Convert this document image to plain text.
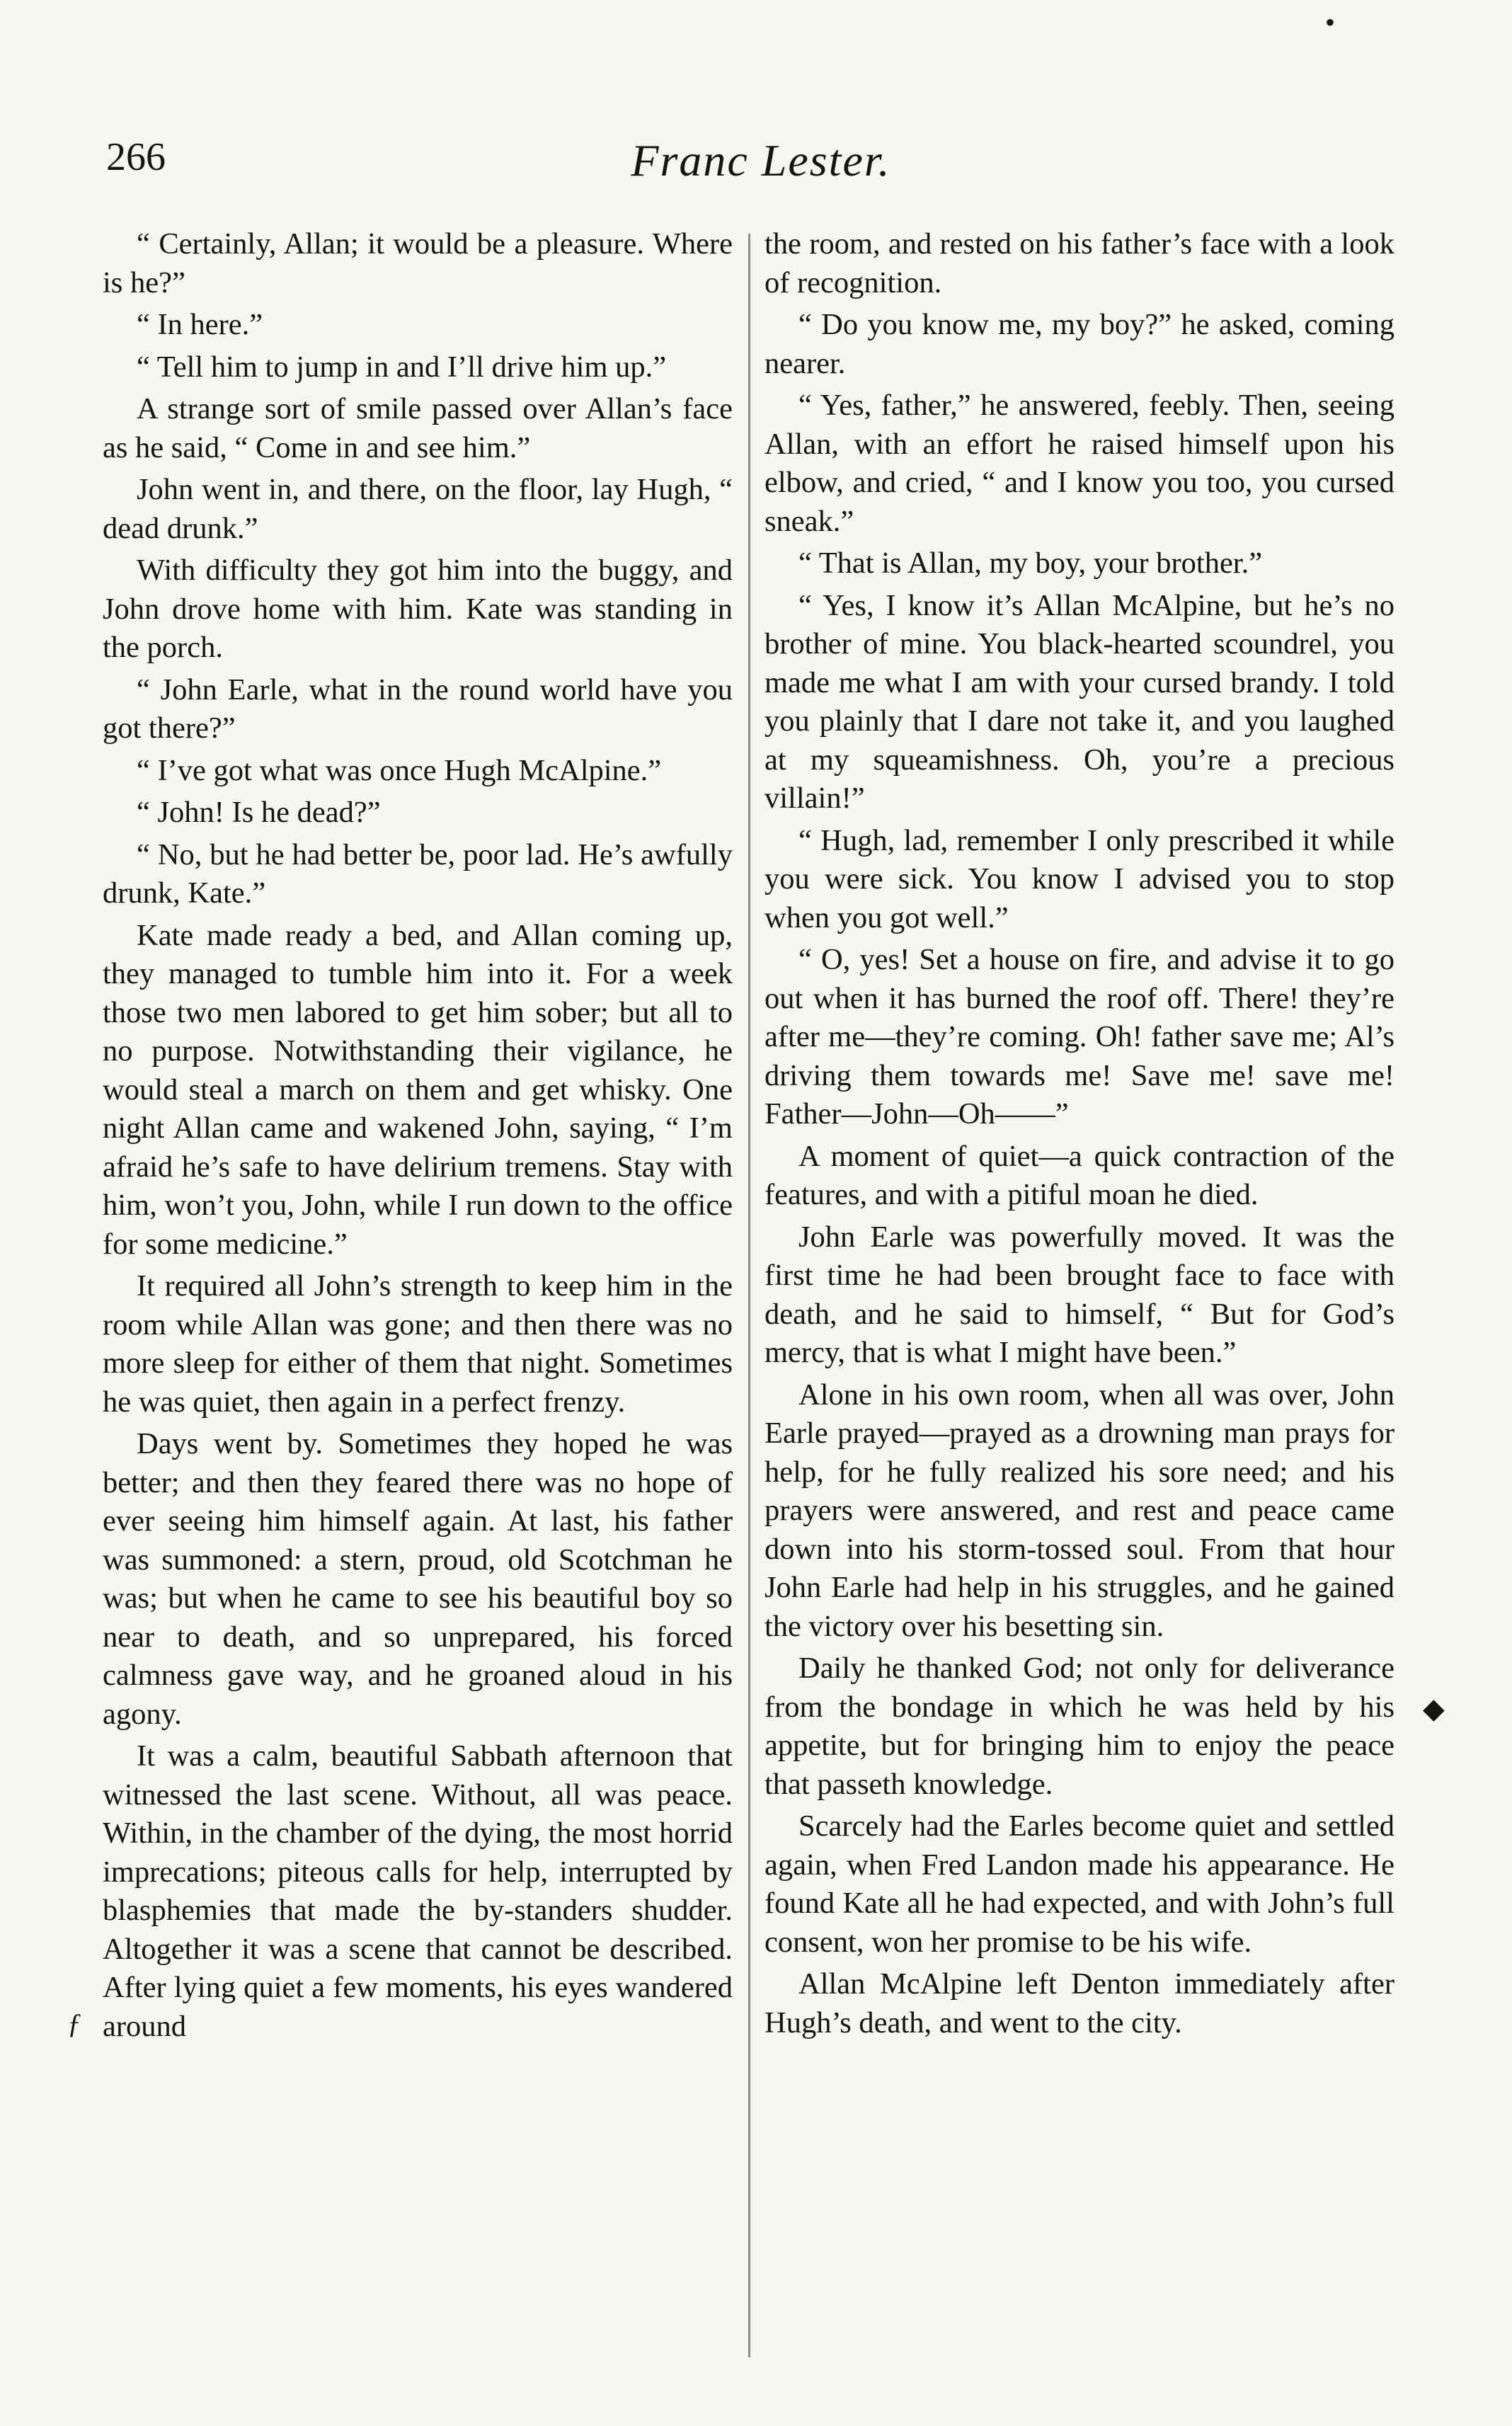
•
266	Franc Lester.

“ Certainly, Allan; it would be a pleasure. Where is he?”

“ In here.”

“ Tell him to jump in and I’ll drive him up.”

A strange sort of smile passed over Allan’s face as he said, “ Come in and see him.”

John went in, and there, on the floor, lay Hugh, “ dead drunk.”

With difficulty they got him into the buggy, and John drove home with him. Kate was standing in the porch.

“ John Earle, what in the round world have you got there?”

“ I’ve got what was once Hugh McAlpine.”

“ John! Is he dead?”

“ No, but he had better be, poor lad. He’s awfully drunk, Kate.”

Kate made ready a bed, and Allan coming up, they managed to tumble him into it. For a week those two men labored to get him sober; but all to no purpose. Notwithstanding their vigilance, he would steal a march on them and get whisky. One night Allan came and wakened John, saying, “ I’m afraid he’s safe to have delirium tremens. Stay with him, won’t you, John, while I run down to the office for some medicine.”

It required all John’s strength to keep him in the room while Allan was gone; and then there was no more sleep for either of them that night. Sometimes he was quiet, then again in a perfect frenzy.

Days went by. Sometimes they hoped he was better; and then they feared there was no hope of ever seeing him himself again. At last, his father was summoned: a stern, proud, old Scotchman he was; but when he came to see his beautiful boy so near to death, and so unprepared, his forced calmness gave way, and he groaned aloud in his agony.

It was a calm, beautiful Sabbath afternoon that witnessed the last scene. Without, all was peace. Within, in the chamber of the dying, the most horrid imprecations; piteous calls for help, interrupted by blasphemies that made the by-standers shudder. Altogether it was a scene that cannot be described. After lying quiet a few moments, his eyes wandered around

the room, and rested on his father’s face with a look of recognition.

“ Do you know me, my boy?” he asked, coming nearer.

“ Yes, father,” he answered, feebly. Then, seeing Allan, with an effort he raised himself upon his elbow, and cried, “ and I know you too, you cursed sneak.”

“ That is Allan, my boy, your brother.”

“ Yes, I know it’s Allan McAlpine, but he’s no brother of mine. You black-hearted scoundrel, you made me what I am with your cursed brandy. I told you plainly that I dare not take it, and you laughed at my squeamishness. Oh, you’re a precious villain!”

“ Hugh, lad, remember I only prescribed it while you were sick. You know I advised you to stop when you got well.”

“ O, yes! Set a house on fire, and advise it to go out when it has burned the roof off. There! they’re after me—they’re coming. Oh! father save me; Al’s driving them towards me! Save me! save me! Father—John—Oh——”

A moment of quiet—a quick contraction of the features, and with a pitiful moan he died.

John Earle was powerfully moved. It was the first time he had been brought face to face with death, and he said to himself, “ But for God’s mercy, that is what I might have been.”

Alone in his own room, when all was over, John Earle prayed—prayed as a drowning man prays for help, for he fully realized his sore need; and his prayers were answered, and rest and peace came down into his storm-tossed soul. From that hour John Earle had help in his struggles, and he gained the victory over his besetting sin.

Daily he thanked God; not only for deliverance from the bondage in which he was held by his appetite, but for bringing him to enjoy the peace that passeth knowledge.

Scarcely had the Earles become quiet and settled again, when Fred Landon made his appearance. He found Kate all he had expected, and with John’s full consent, won her promise to be his wife.

Allan McAlpine left Denton immediately after Hugh’s death, and went to the city.

◆
ƒ
